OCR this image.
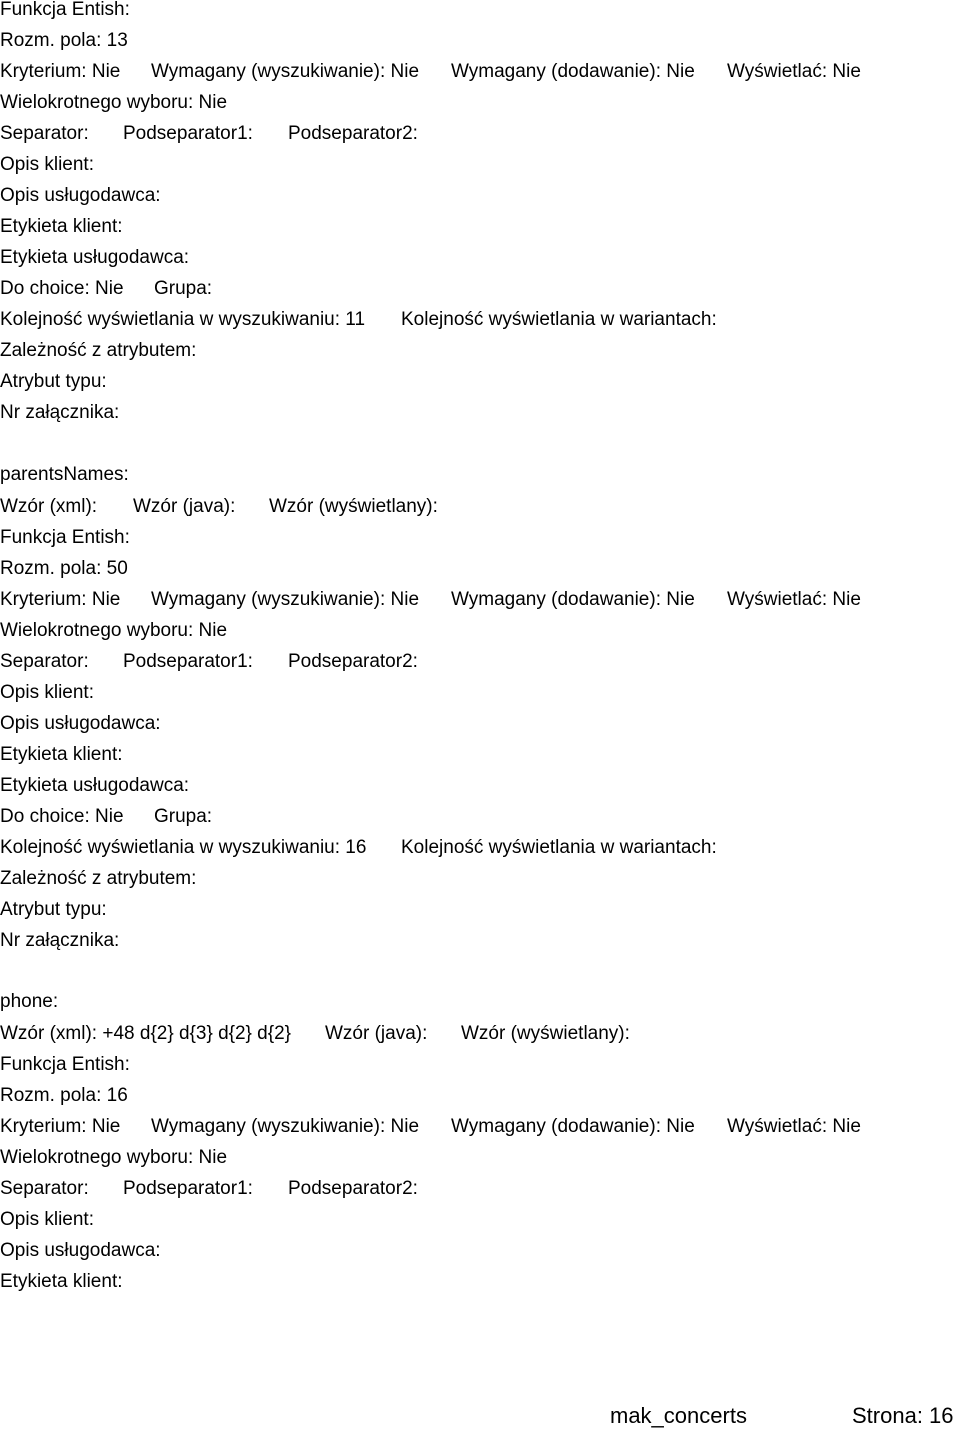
Funkcja Entish:
Rozm. pola: 13
Kryterium: Nie Wymagany (wyszukiwanie): Nie Wymagany (dodawanie): Nie Wyświetlać: Nie
Wielokrotnego wyboru: Nie
Separator: Podseparator1: Podseparator2:
Opis klient:
Opis usługodawca:
Etykieta klient:
Etykieta usługodawca:
Do choice: Nie Grupa:
Kolejność wyświetlania w wyszukiwaniu: 11 Kolejność wyświetlania w wariantach:
Zależność z atrybutem:
Atrybut typu:
Nr załącznika:
parentsNames:
Wzór (xml): Wzór (java): Wzór (wyświetlany):
Funkcja Entish:
Rozm. pola: 50
Kryterium: Nie Wymagany (wyszukiwanie): Nie Wymagany (dodawanie): Nie Wyświetlać: Nie
Wielokrotnego wyboru: Nie
Separator: Podseparator1: Podseparator2:
Opis klient:
Opis usługodawca:
Etykieta klient:
Etykieta usługodawca:
Do choice: Nie Grupa:
Kolejność wyświetlania w wyszukiwaniu: 16 Kolejność wyświetlania w wariantach:
Zależność z atrybutem:
Atrybut typu:
Nr załącznika:
phone:
Wzór (xml): +48 d{2} d{3} d{2} d{2} Wzór (java): Wzór (wyświetlany):
Funkcja Entish:
Rozm. pola: 16
Kryterium: Nie Wymagany (wyszukiwanie): Nie Wymagany (dodawanie): Nie Wyświetlać: Nie
Wielokrotnego wyboru: Nie
Separator: Podseparator1: Podseparator2:
Opis klient:
Opis usługodawca:
Etykieta klient:
mak_concerts	Strona: 16
